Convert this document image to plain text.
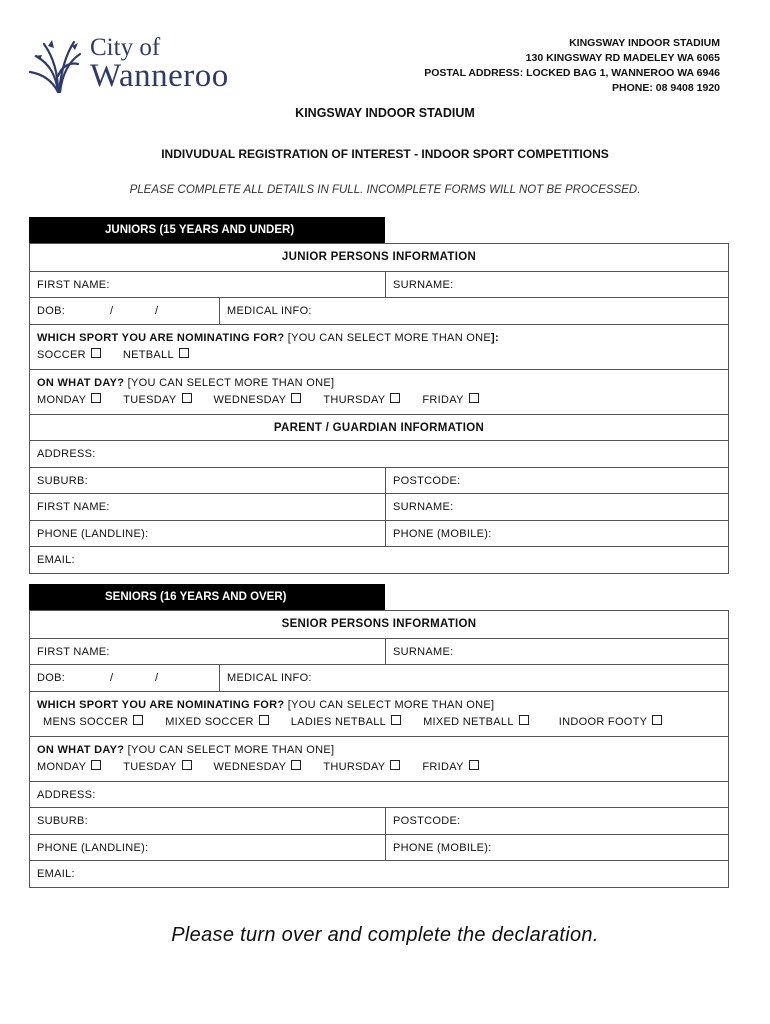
City of
Wanneroo
KINGSWAY INDOOR STADIUM
130 KINGSWAY RD MADELEY WA 6065
POSTAL ADDRESS: LOCKED BAG 1, WANNEROO WA 6946
PHONE: 08 9408 1920
KINGSWAY INDOOR STADIUM
INDIVUDUAL REGISTRATION OF INTEREST - INDOOR SPORT COMPETITIONS
PLEASE COMPLETE ALL DETAILS IN FULL. INCOMPLETE FORMS WILL NOT BE PROCESSED.
JUNIORS (15 YEARS AND UNDER)
JUNIOR PERSONS INFORMATION
FIRST NAME:	SURNAME:
DOB:	/	/	MEDICAL INFO:
WHICH SPORT YOU ARE NOMINATING FOR? [YOU CAN SELECT MORE THAN ONE]:
SOCCER	NETBALL
ON WHAT DAY? [YOU CAN SELECT MORE THAN ONE]
MONDAY	TUESDAY	WEDNESDAY	THURSDAY	FRIDAY
PARENT / GUARDIAN INFORMATION
ADDRESS:
SUBURB:	POSTCODE:
FIRST NAME:	SURNAME:
PHONE (LANDLINE):	PHONE (MOBILE):
EMAIL:
SENIORS (16 YEARS AND OVER)
SENIOR PERSONS INFORMATION
FIRST NAME:	SURNAME:
DOB:	/	/	MEDICAL INFO:
WHICH SPORT YOU ARE NOMINATING FOR? [YOU CAN SELECT MORE THAN ONE]
MENS SOCCER	MIXED SOCCER	LADIES NETBALL	MIXED NETBALL	INDOOR FOOTY
ON WHAT DAY? [YOU CAN SELECT MORE THAN ONE]
MONDAY	TUESDAY	WEDNESDAY	THURSDAY	FRIDAY
ADDRESS:
SUBURB:	POSTCODE:
PHONE (LANDLINE):	PHONE (MOBILE):
EMAIL:
Please turn over and complete the declaration.
